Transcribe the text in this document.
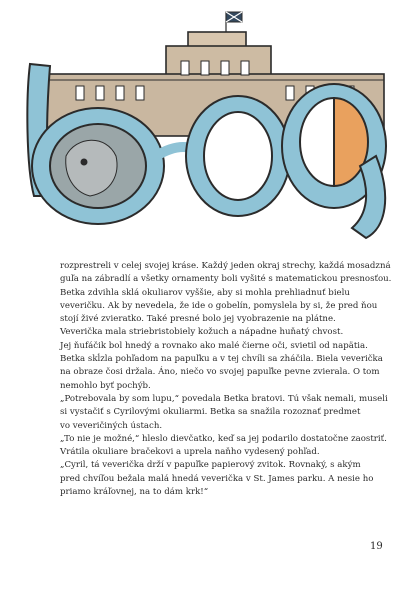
rozprestreli v celej svojej kráse. Každý jeden okraj strechy, každá mosadzná
guľa na zábradlí a všetky ornamenty boli vyšité s matematickou presnosťou.
Betka zdvihla sklá okuliarov vyššie, aby si mohla prehliadnuť bielu
veveričku. Ak by nevedela, že ide o gobelín, pomyslela by si, že pred ňou
stojí živé zvieratko. Také presné bolo jej vyobrazenie na plátne.
Veverička mala striebristobiely kožuch a nápadne huňatý chvost.
Jej ňufáčik bol hnedý a rovnako ako malé čierne oči, svietil od napätia.
Betka skĺzla pohľadom na papuľku a v tej chvíli sa zháčila. Biela veverička
na obraze čosi držala. Áno, niečo vo svojej papuľke pevne zvierala. O tom
nemohlo byť pochýb.
„Potrebovala by som lupu,“ povedala Betka bratovi. Tú však nemali, museli
si vystačiť s Cyrilovými okuliarmi. Betka sa snažila rozoznať predmet
vo veveričiných ústach.
„To nie je možné,“ hleslo dievčatko, keď sa jej podarilo dostatočne zaostriť.
Vrátila okuliare bračekovi a uprela naňho vydesený pohľad.
„Cyril, tá veverička drží v papuľke papierový zvitok. Rovnaký, s akým
pred chvíľou bežala malá hnedá veverička v St. James parku. A nesie ho
priamo kráľovnej, na to dám krk!“
19
